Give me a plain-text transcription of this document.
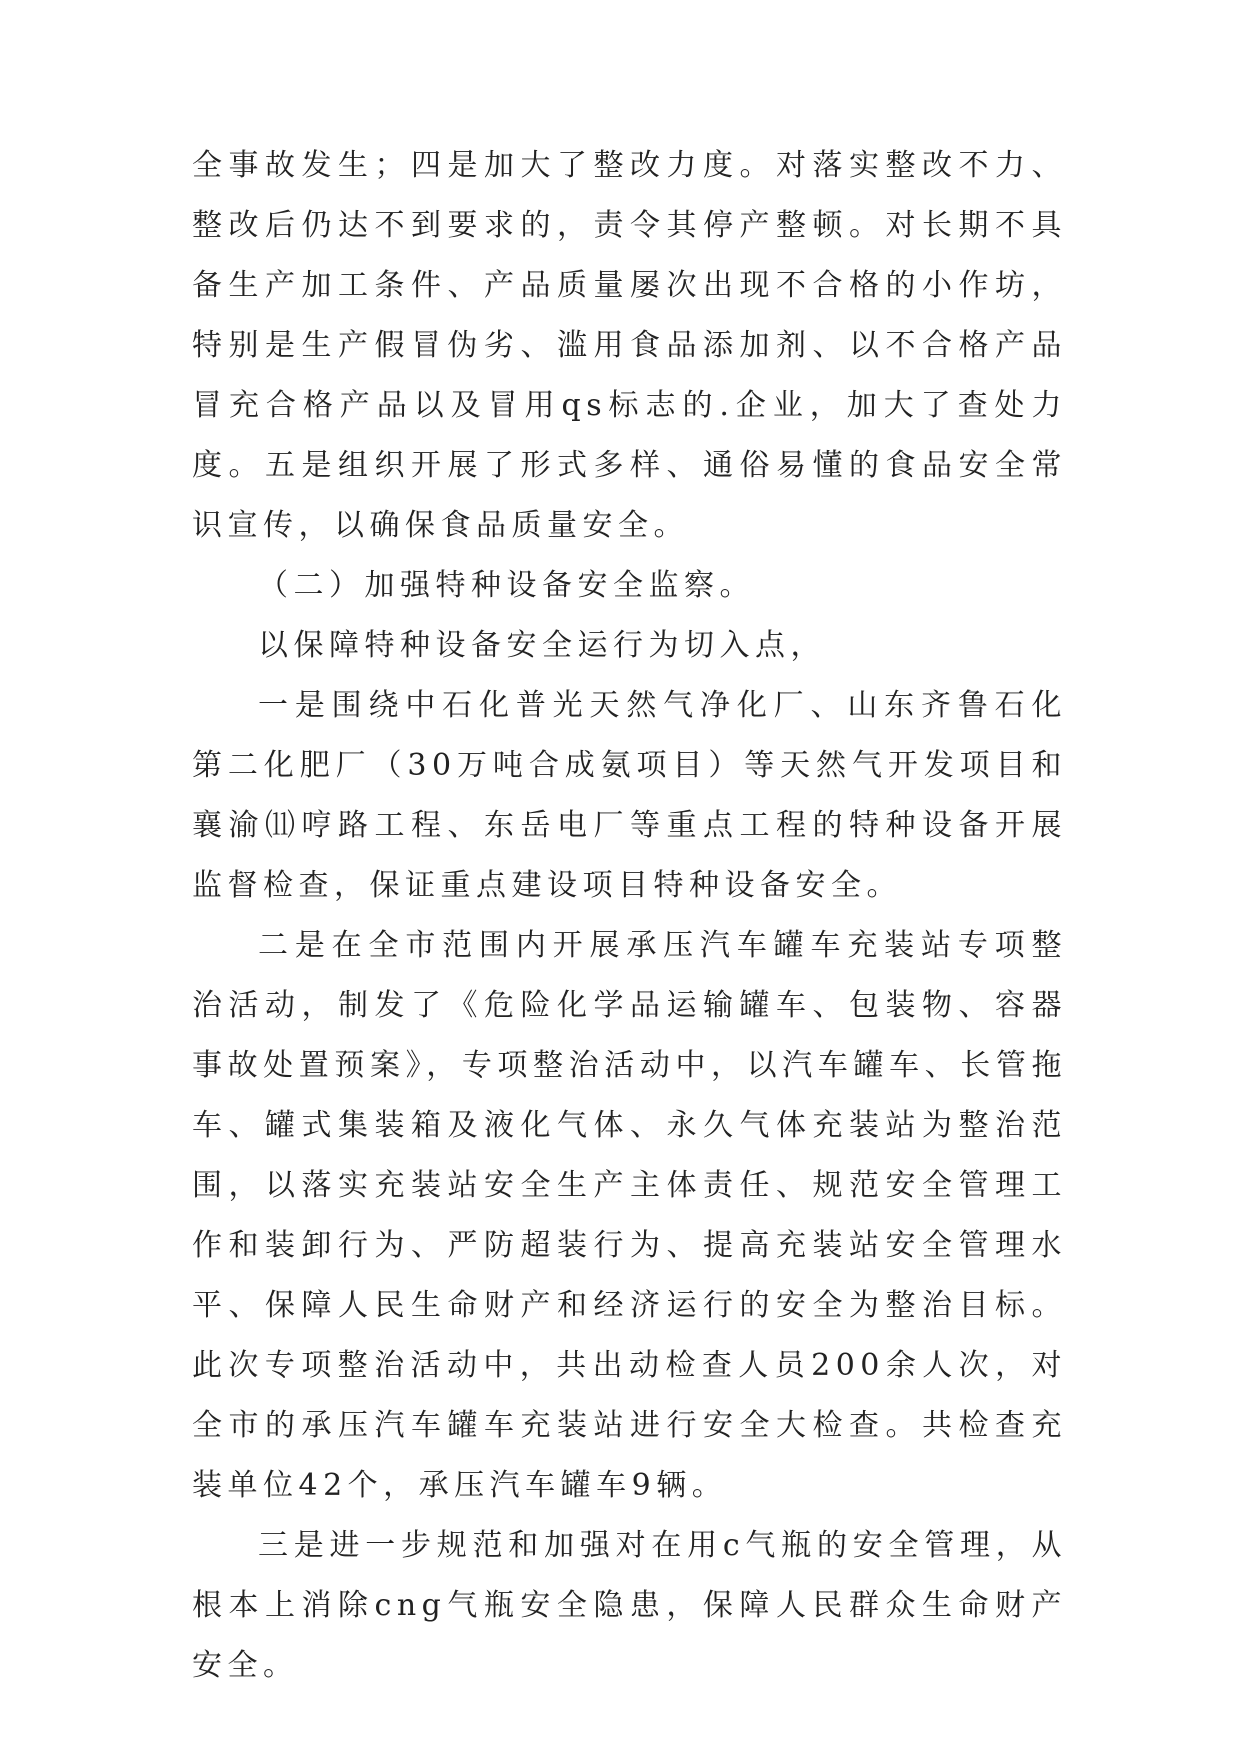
全事故发生；四是加大了整改力度。对落实整改不力、整改后仍达不到要求的，责令其停产整顿。对长期不具备生产加工条件、产品质量屡次出现不合格的小作坊，特别是生产假冒伪劣、滥用食品添加剂、以不合格产品冒充合格产品以及冒用qs标志的.企业，加大了查处力度。五是组织开展了形式多样、通俗易懂的食品安全常识宣传，以确保食品质量安全。

（二）加强特种设备安全监察。

以保障特种设备安全运行为切入点，

一是围绕中石化普光天然气净化厂、山东齐鲁石化第二化肥厂（30万吨合成氨项目）等天然气开发项目和襄渝⑾哼路工程、东岳电厂等重点工程的特种设备开展监督检查，保证重点建设项目特种设备安全。

二是在全市范围内开展承压汽车罐车充装站专项整治活动，制发了《危险化学品运输罐车、包装物、容器事故处置预案》，专项整治活动中，以汽车罐车、长管拖车、罐式集装箱及液化气体、永久气体充装站为整治范围，以落实充装站安全生产主体责任、规范安全管理工作和装卸行为、严防超装行为、提高充装站安全管理水平、保障人民生命财产和经济运行的安全为整治目标。此次专项整治活动中，共出动检查人员200余人次，对全市的承压汽车罐车充装站进行安全大检查。共检查充装单位42个，承压汽车罐车9辆。

三是进一步规范和加强对在用c气瓶的安全管理，从根本上消除cng气瓶安全隐患，保障人民群众生命财产安全。
